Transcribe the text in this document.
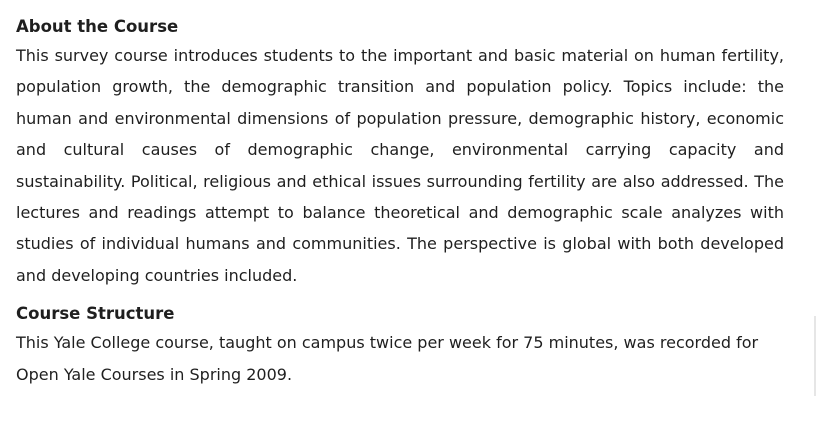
About the Course

This survey course introduces students to the important and basic material on human fertility, population growth, the demographic transition and population policy. Topics include: the human and environmental dimensions of population pressure, demographic history, economic and cultural causes of demographic change, environmental carrying capacity and sustainability. Political, religious and ethical issues surrounding fertility are also addressed. The lectures and readings attempt to balance theoretical and demographic scale analyzes with studies of individual humans and communities. The perspective is global with both developed and developing countries included.

Course Structure

This Yale College course, taught on campus twice per week for 75 minutes, was recorded for Open Yale Courses in Spring 2009.
